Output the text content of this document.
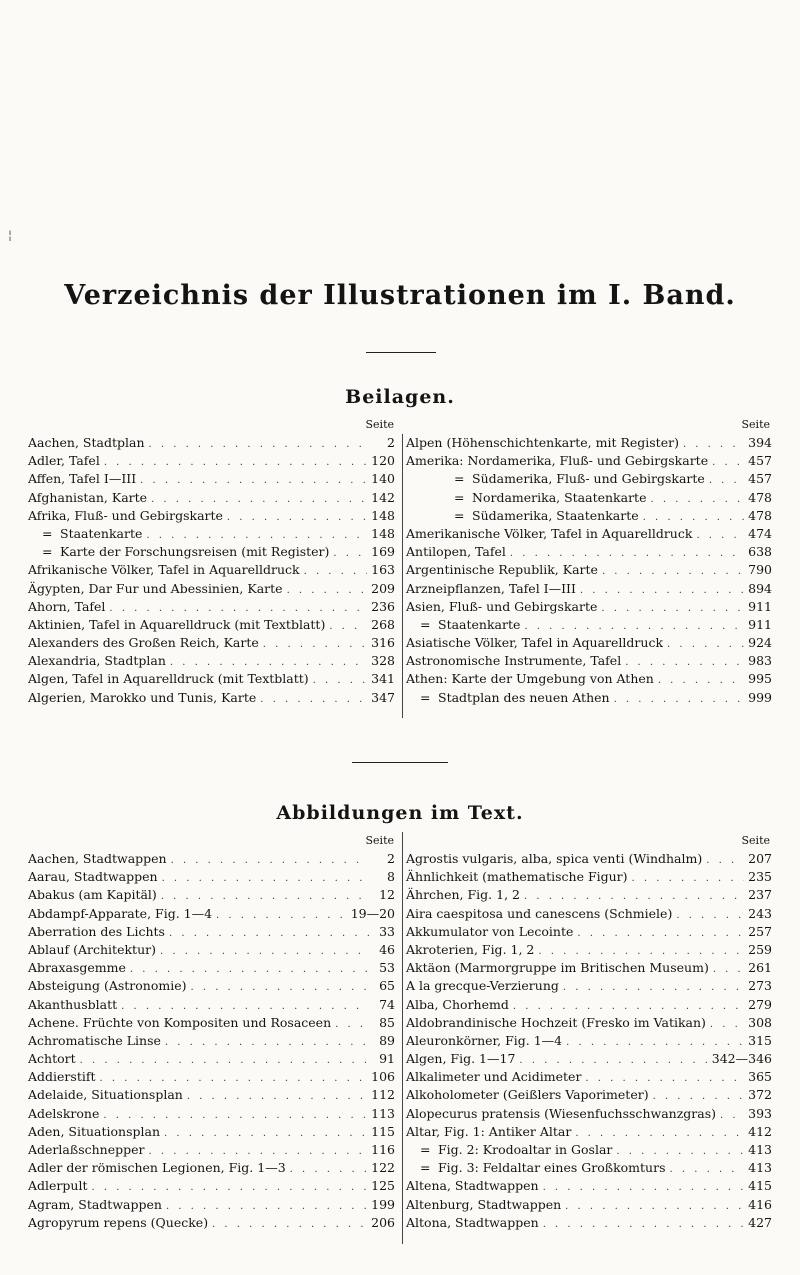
¦
Verzeichnis der Illustrationen im I. Band.
Beilagen.
Seite	Seite
Aachen, Stadtplan . . .	2
Adler, Tafel . . .	120
Affen, Tafel I—III . . .	140
Afghanistan, Karte . . .	142
Afrika, Fluß- und Gebirgskarte . . .	148
= Staatenkarte . . .	148
= Karte der Forschungsreisen (mit Register) . . .	169
Afrikanische Völker, Tafel in Aquarelldruck . . .	163
Ägypten, Dar Fur und Abessinien, Karte . . .	209
Ahorn, Tafel . . .	236
Aktinien, Tafel in Aquarelldruck (mit Textblatt) . . .	268
Alexanders des Großen Reich, Karte . . .	316
Alexandria, Stadtplan . . .	328
Algen, Tafel in Aquarelldruck (mit Textblatt) . . .	341
Algerien, Marokko und Tunis, Karte . . .	347
Alpen (Höhenschichtenkarte, mit Register) . . .	394
Amerika: Nordamerika, Fluß- und Gebirgskarte . . .	457
= Südamerika, Fluß- und Gebirgskarte . . .	457
= Nordamerika, Staatenkarte . . .	478
= Südamerika, Staatenkarte . . .	478
Amerikanische Völker, Tafel in Aquarelldruck . . .	474
Antilopen, Tafel . . .	638
Argentinische Republik, Karte . . .	790
Arzneipflanzen, Tafel I—III . . .	894
Asien, Fluß- und Gebirgskarte . . .	911
= Staatenkarte . . .	911
Asiatische Völker, Tafel in Aquarelldruck . . .	924
Astronomische Instrumente, Tafel . . .	983
Athen: Karte der Umgebung von Athen . . .	995
= Stadtplan des neuen Athen . . .	999
Abbildungen im Text.
Seite	Seite
Aachen, Stadtwappen . . .	2
Aarau, Stadtwappen . . .	8
Abakus (am Kapitäl) . . .	12
Abdampf-Apparate, Fig. 1—4 . . .	19—20
Aberration des Lichts . . .	33
Ablauf (Architektur) . . .	46
Abraxasgemme . . .	53
Absteigung (Astronomie) . . .	65
Akanthusblatt . . .	74
Achene. Früchte von Kompositen und Rosaceen . . .	85
Achromatische Linse . . .	89
Achtort . . .	91
Addierstift . . .	106
Adelaide, Situationsplan . . .	112
Adelskrone . . .	113
Aden, Situationsplan . . .	115
Aderlaßschnepper . . .	116
Adler der römischen Legionen, Fig. 1—3 . . .	122
Adlerpult . . .	125
Agram, Stadtwappen . . .	199
Agropyrum repens (Quecke) . . .	206
Agrostis vulgaris, alba, spica venti (Windhalm) . . .	207
Ähnlichkeit (mathematische Figur) . . .	235
Ährchen, Fig. 1, 2 . . .	237
Aira caespitosa und canescens (Schmiele) . . .	243
Akkumulator von Lecointe . . .	257
Akroterien, Fig. 1, 2 . . .	259
Aktäon (Marmorgruppe im Britischen Museum) . . .	261
A la grecque-Verzierung . . .	273
Alba, Chorhemd . . .	279
Aldobrandinische Hochzeit (Fresko im Vatikan) . . .	308
Aleuronkörner, Fig. 1—4 . . .	315
Algen, Fig. 1—17 . . .	342—346
Alkalimeter und Acidimeter . . .	365
Alkoholometer (Geißlers Vaporimeter) . . .	372
Alopecurus pratensis (Wiesenfuchsschwanzgras) . . .	393
Altar, Fig. 1: Antiker Altar . . .	412
= Fig. 2: Krodoaltar in Goslar . . .	413
= Fig. 3: Feldaltar eines Großkomturs . . .	413
Altena, Stadtwappen . . .	415
Altenburg, Stadtwappen . . .	416
Altona, Stadtwappen . . .	427
